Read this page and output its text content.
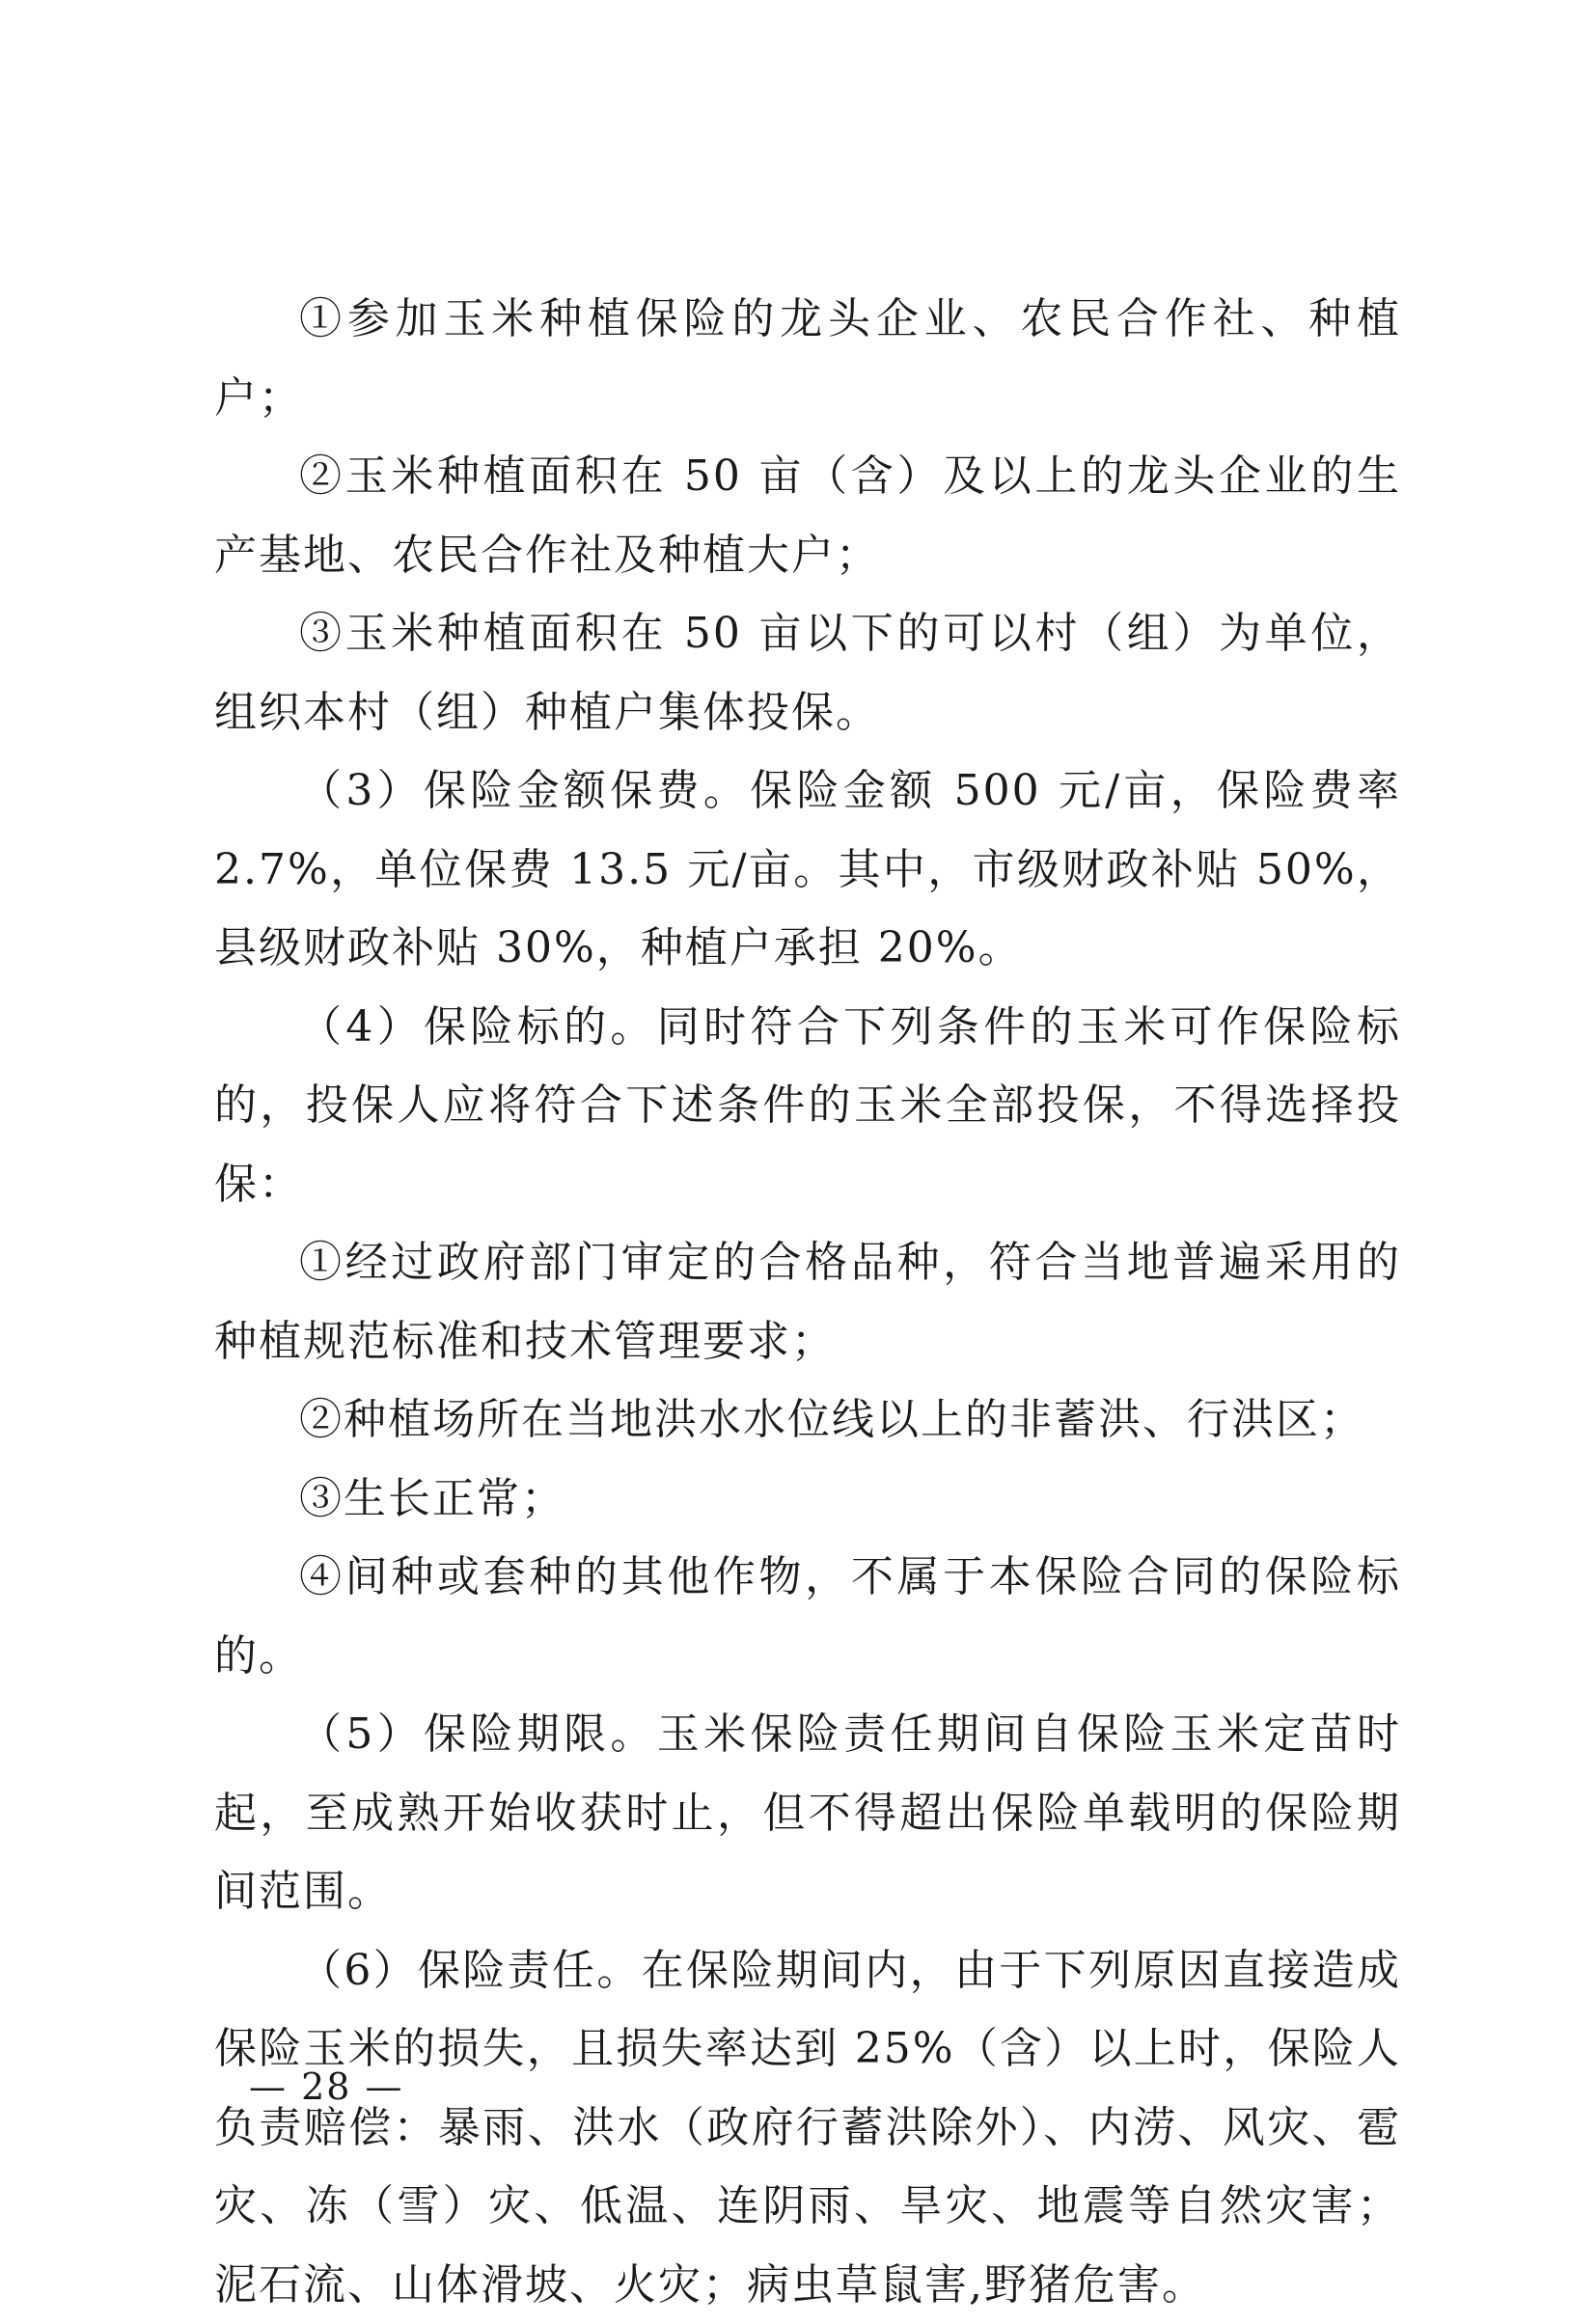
①参加玉米种植保险的龙头企业、农民合作社、种植户；

②玉米种植面积在 50 亩（含）及以上的龙头企业的生产基地、农民合作社及种植大户；

③玉米种植面积在 50 亩以下的可以村（组）为单位，组织本村（组）种植户集体投保。

（3）保险金额保费。保险金额 500 元/亩，保险费率 2.7%，单位保费 13.5 元/亩。其中，市级财政补贴 50%，县级财政补贴 30%，种植户承担 20%。

（4）保险标的。同时符合下列条件的玉米可作保险标的，投保人应将符合下述条件的玉米全部投保，不得选择投保：

①经过政府部门审定的合格品种，符合当地普遍采用的种植规范标准和技术管理要求；

②种植场所在当地洪水水位线以上的非蓄洪、行洪区；

③生长正常；

④间种或套种的其他作物，不属于本保险合同的保险标的。

（5）保险期限。玉米保险责任期间自保险玉米定苗时起，至成熟开始收获时止，但不得超出保险单载明的保险期间范围。

（6）保险责任。在保险期间内，由于下列原因直接造成保险玉米的损失，且损失率达到 25%（含）以上时，保险人负责赔偿：暴雨、洪水（政府行蓄洪除外）、内涝、风灾、雹灾、冻（雪）灾、低温、连阴雨、旱灾、地震等自然灾害；泥石流、山体滑坡、火灾；病虫草鼠害,野猪危害。

— 28 —
